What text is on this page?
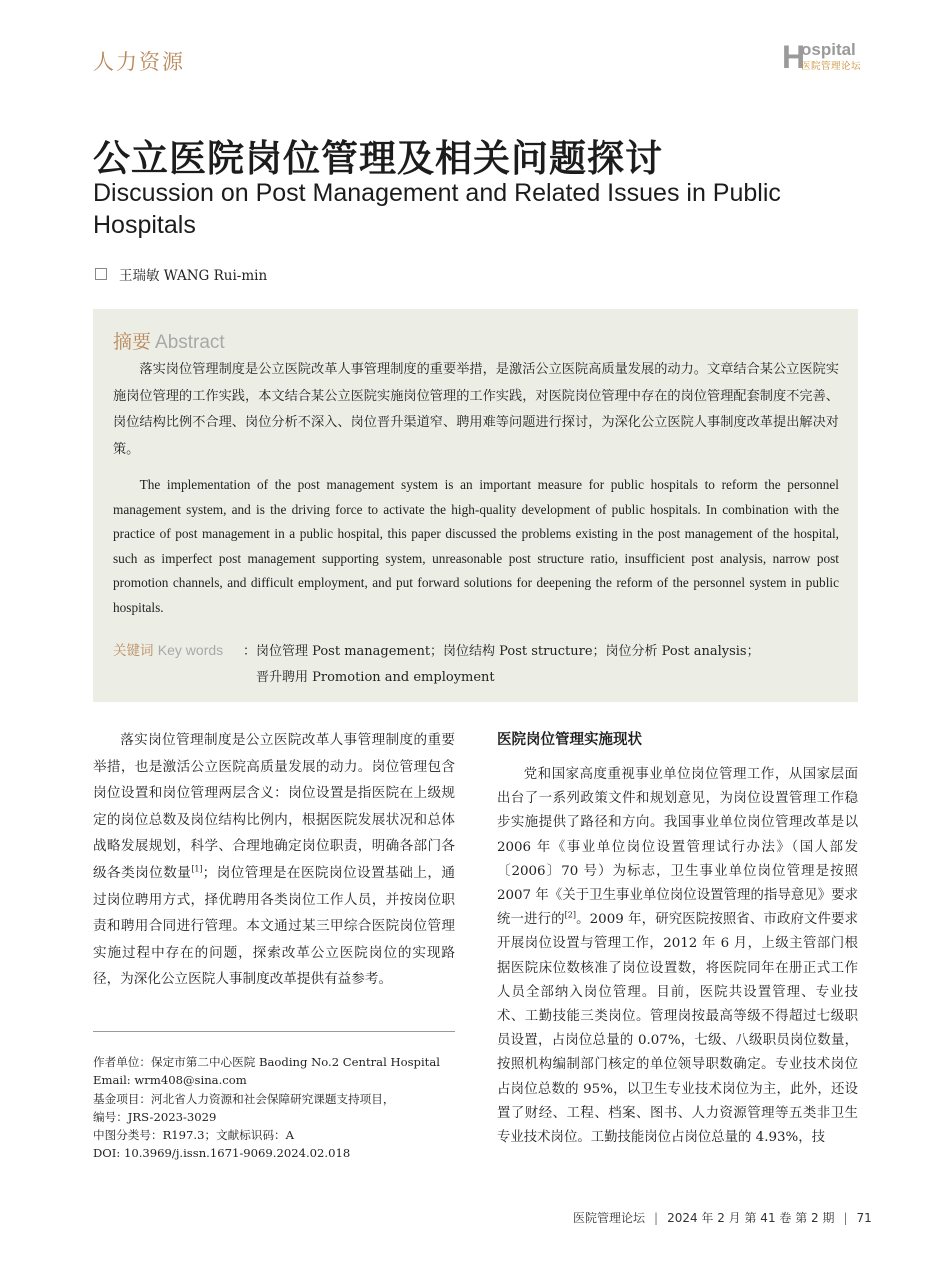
人力资源	H
ospital
医院管理论坛
公立医院岗位管理及相关问题探讨
Discussion on Post Management and Related Issues in Public Hospitals
王瑞敏 WANG Rui-min
摘要 Abstract
落实岗位管理制度是公立医院改革人事管理制度的重要举措，是激活公立医院高质量发展的动力。文章结合某公立医院实施岗位管理的工作实践，本文结合某公立医院实施岗位管理的工作实践，对医院岗位管理中存在的岗位管理配套制度不完善、岗位结构比例不合理、岗位分析不深入、岗位晋升渠道窄、聘用难等问题进行探讨，为深化公立医院人事制度改革提出解决对策。
The implementation of the post management system is an important measure for public hospitals to reform the personnel management system, and is the driving force to activate the high-quality development of public hospitals. In combination with the practice of post management in a public hospital, this paper discussed the problems existing in the post management of the hospital, such as imperfect post management supporting system, unreasonable post structure ratio, insufficient post analysis, narrow post promotion channels, and difficult employment, and put forward solutions for deepening the reform of the personnel system in public hospitals.
关键词 Key words ：岗位管理 Post management；岗位结构 Post structure；岗位分析 Post analysis；
晋升聘用 Promotion and employment
落实岗位管理制度是公立医院改革人事管理制度的重要举措，也是激活公立医院高质量发展的动力。岗位管理包含岗位设置和岗位管理两层含义：岗位设置是指医院在上级规定的岗位总数及岗位结构比例内，根据医院发展状况和总体战略发展规划，科学、合理地确定岗位职责，明确各部门各级各类岗位数量[1]；岗位管理是在医院岗位设置基础上，通过岗位聘用方式，择优聘用各类岗位工作人员，并按岗位职责和聘用合同进行管理。本文通过某三甲综合医院岗位管理实施过程中存在的问题，探索改革公立医院岗位的实现路径，为深化公立医院人事制度改革提供有益参考。
作者单位：保定市第二中心医院 Baoding No.2 Central Hospital
Email: wrm408@sina.com
基金项目：河北省人力资源和社会保障研究课题支持项目，
编号：JRS-2023-3029
中图分类号：R197.3；文献标识码：A
DOI: 10.3969/j.issn.1671-9069.2024.02.018
医院岗位管理实施现状
党和国家高度重视事业单位岗位管理工作，从国家层面出台了一系列政策文件和规划意见，为岗位设置管理工作稳步实施提供了路径和方向。我国事业单位岗位管理改革是以 2006 年《事业单位岗位设置管理试行办法》（国人部发〔2006〕70 号）为标志，卫生事业单位岗位管理是按照 2007 年《关于卫生事业单位岗位设置管理的指导意见》要求统一进行的[2]。2009 年，研究医院按照省、市政府文件要求开展岗位设置与管理工作，2012 年 6 月，上级主管部门根据医院床位数核准了岗位设置数，将医院同年在册正式工作人员全部纳入岗位管理。目前，医院共设置管理、专业技术、工勤技能三类岗位。管理岗按最高等级不得超过七级职员设置，占岗位总量的 0.07%，七级、八级职员岗位数量，按照机构编制部门核定的单位领导职数确定。专业技术岗位占岗位总数的 95%，以卫生专业技术岗位为主，此外，还设置了财经、工程、档案、图书、人力资源管理等五类非卫生专业技术岗位。工勤技能岗位占岗位总量的 4.93%，技
医院管理论坛 | 2024 年 2 月 第 41 卷 第 2 期 | 71
